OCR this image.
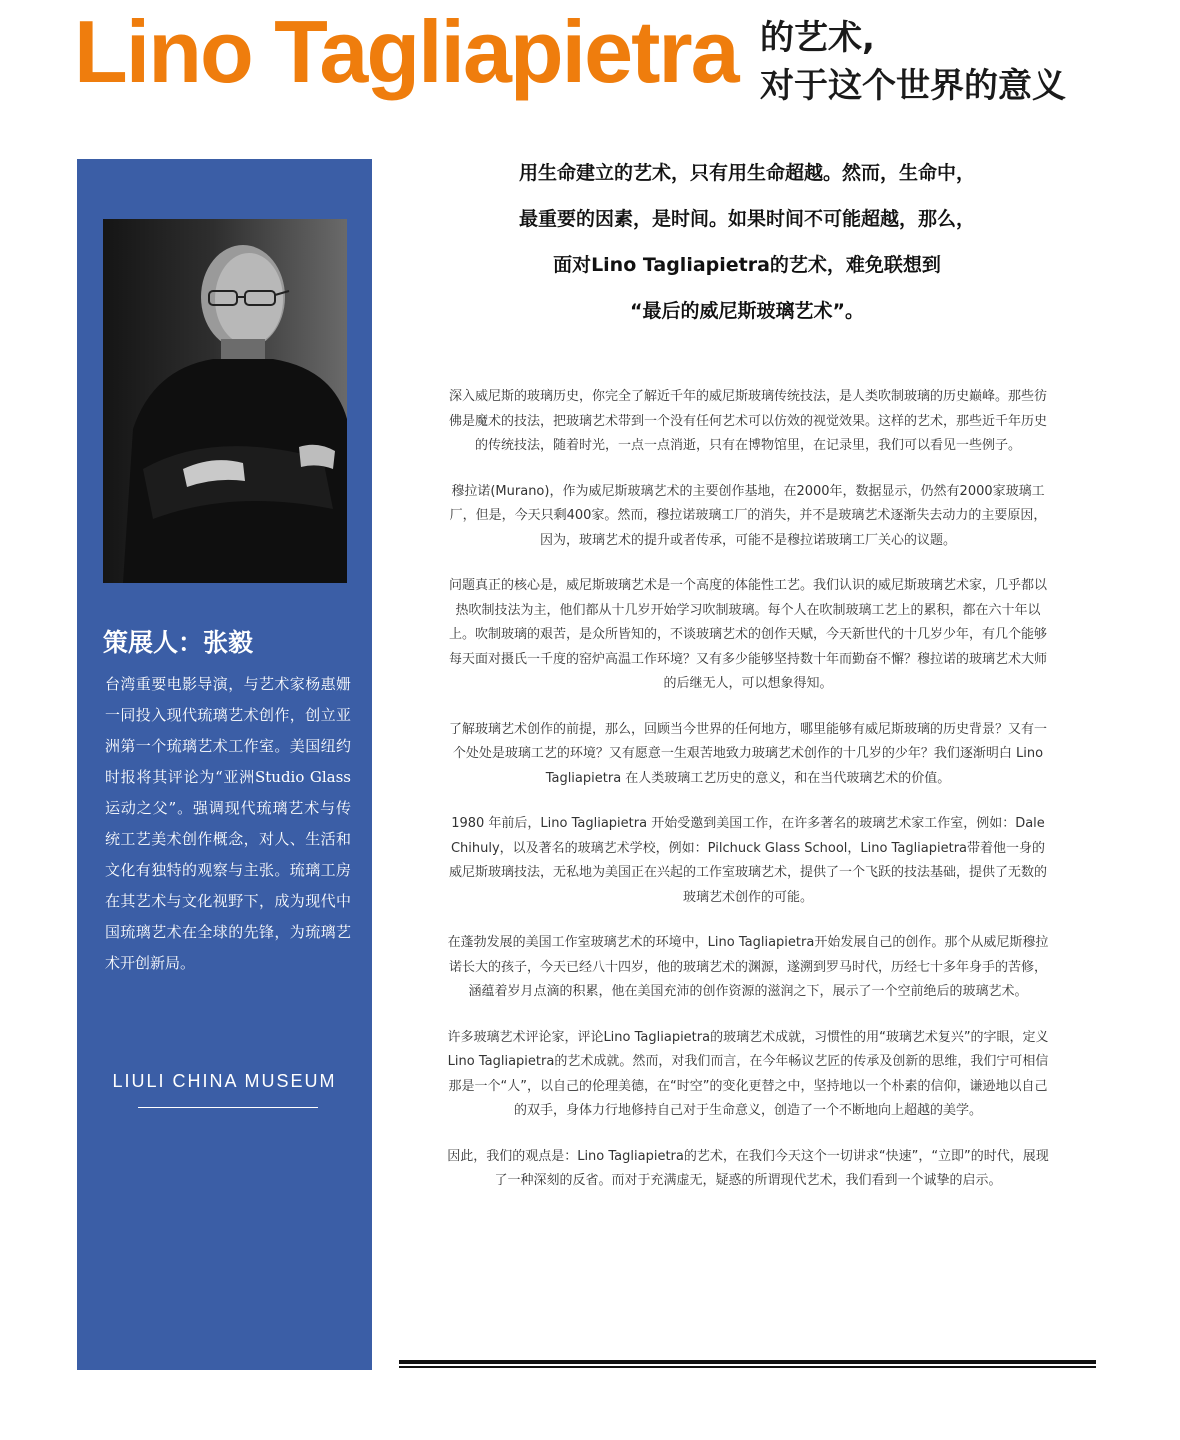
Lino Tagliapietra 的艺术,
对于这个世界的意义
策展人：张毅
台湾重要电影导演，与艺术家杨惠姗一同投入现代琉璃艺术创作，创立亚洲第一个琉璃艺术工作室。美国纽约时报将其评论为“亚洲Studio Glass 运动之父”。强调现代琉璃艺术与传统工艺美术创作概念，对人、生活和文化有独特的观察与主张。琉璃工房在其艺术与文化视野下，成为现代中国琉璃艺术在全球的先锋，为琉璃艺术开创新局。
LIULI CHINA MUSEUM

用生命建立的艺术，只有用生命超越。然而，生命中，

最重要的因素，是时间。如果时间不可能超越，那么，

面对Lino Tagliapietra的艺术，难免联想到

“最后的威尼斯玻璃艺术”。

深入威尼斯的玻璃历史，你完全了解近千年的威尼斯玻璃传统技法，是人类吹制玻璃的历史巅峰。那些彷佛是魔术的技法，把玻璃艺术带到一个没有任何艺术可以仿效的视觉效果。这样的艺术，那些近千年历史的传统技法，随着时光，一点一点消逝，只有在博物馆里，在记录里，我们可以看见一些例子。

穆拉诺(Murano)，作为威尼斯玻璃艺术的主要创作基地，在2000年，数据显示，仍然有2000家玻璃工厂，但是，今天只剩400家。然而，穆拉诺玻璃工厂的消失，并不是玻璃艺术逐渐失去动力的主要原因，因为，玻璃艺术的提升或者传承，可能不是穆拉诺玻璃工厂关心的议题。

问题真正的核心是，威尼斯玻璃艺术是一个高度的体能性工艺。我们认识的威尼斯玻璃艺术家，几乎都以热吹制技法为主，他们都从十几岁开始学习吹制玻璃。每个人在吹制玻璃工艺上的累积，都在六十年以上。吹制玻璃的艰苦，是众所皆知的，不谈玻璃艺术的创作天赋，今天新世代的十几岁少年，有几个能够每天面对摄氏一千度的窑炉高温工作环境？又有多少能够坚持数十年而勤奋不懈？穆拉诺的玻璃艺术大师的后继无人，可以想象得知。

了解玻璃艺术创作的前提，那么，回顾当今世界的任何地方，哪里能够有威尼斯玻璃的历史背景？又有一个处处是玻璃工艺的环境？又有愿意一生艰苦地致力玻璃艺术创作的十几岁的少年？我们逐渐明白 Lino Tagliapietra 在人类玻璃工艺历史的意义，和在当代玻璃艺术的价值。

1980 年前后，Lino Tagliapietra 开始受邀到美国工作，在许多著名的玻璃艺术家工作室，例如：Dale Chihuly，以及著名的玻璃艺术学校，例如：Pilchuck Glass School，Lino Tagliapietra带着他一身的威尼斯玻璃技法，无私地为美国正在兴起的工作室玻璃艺术，提供了一个飞跃的技法基础，提供了无数的玻璃艺术创作的可能。

在蓬勃发展的美国工作室玻璃艺术的环境中，Lino Tagliapietra开始发展自己的创作。那个从威尼斯穆拉诺长大的孩子，今天已经八十四岁，他的玻璃艺术的渊源，遂溯到罗马时代，历经七十多年身手的苦修，涵蕴着岁月点滴的积累，他在美国充沛的创作资源的滋润之下，展示了一个空前绝后的玻璃艺术。

许多玻璃艺术评论家，评论Lino Tagliapietra的玻璃艺术成就，习惯性的用“玻璃艺术复兴”的字眼，定义Lino Tagliapietra的艺术成就。然而，对我们而言，在今年畅议艺匠的传承及创新的思维，我们宁可相信那是一个“人”，以自己的伦理美德，在“时空”的变化更替之中，坚持地以一个朴素的信仰，谦逊地以自己的双手，身体力行地修持自己对于生命意义，创造了一个不断地向上超越的美学。

因此，我们的观点是：Lino Tagliapietra的艺术，在我们今天这个一切讲求“快速”，“立即”的时代，展现了一种深刻的反省。而对于充满虚无，疑惑的所谓现代艺术，我们看到一个诚挚的启示。
